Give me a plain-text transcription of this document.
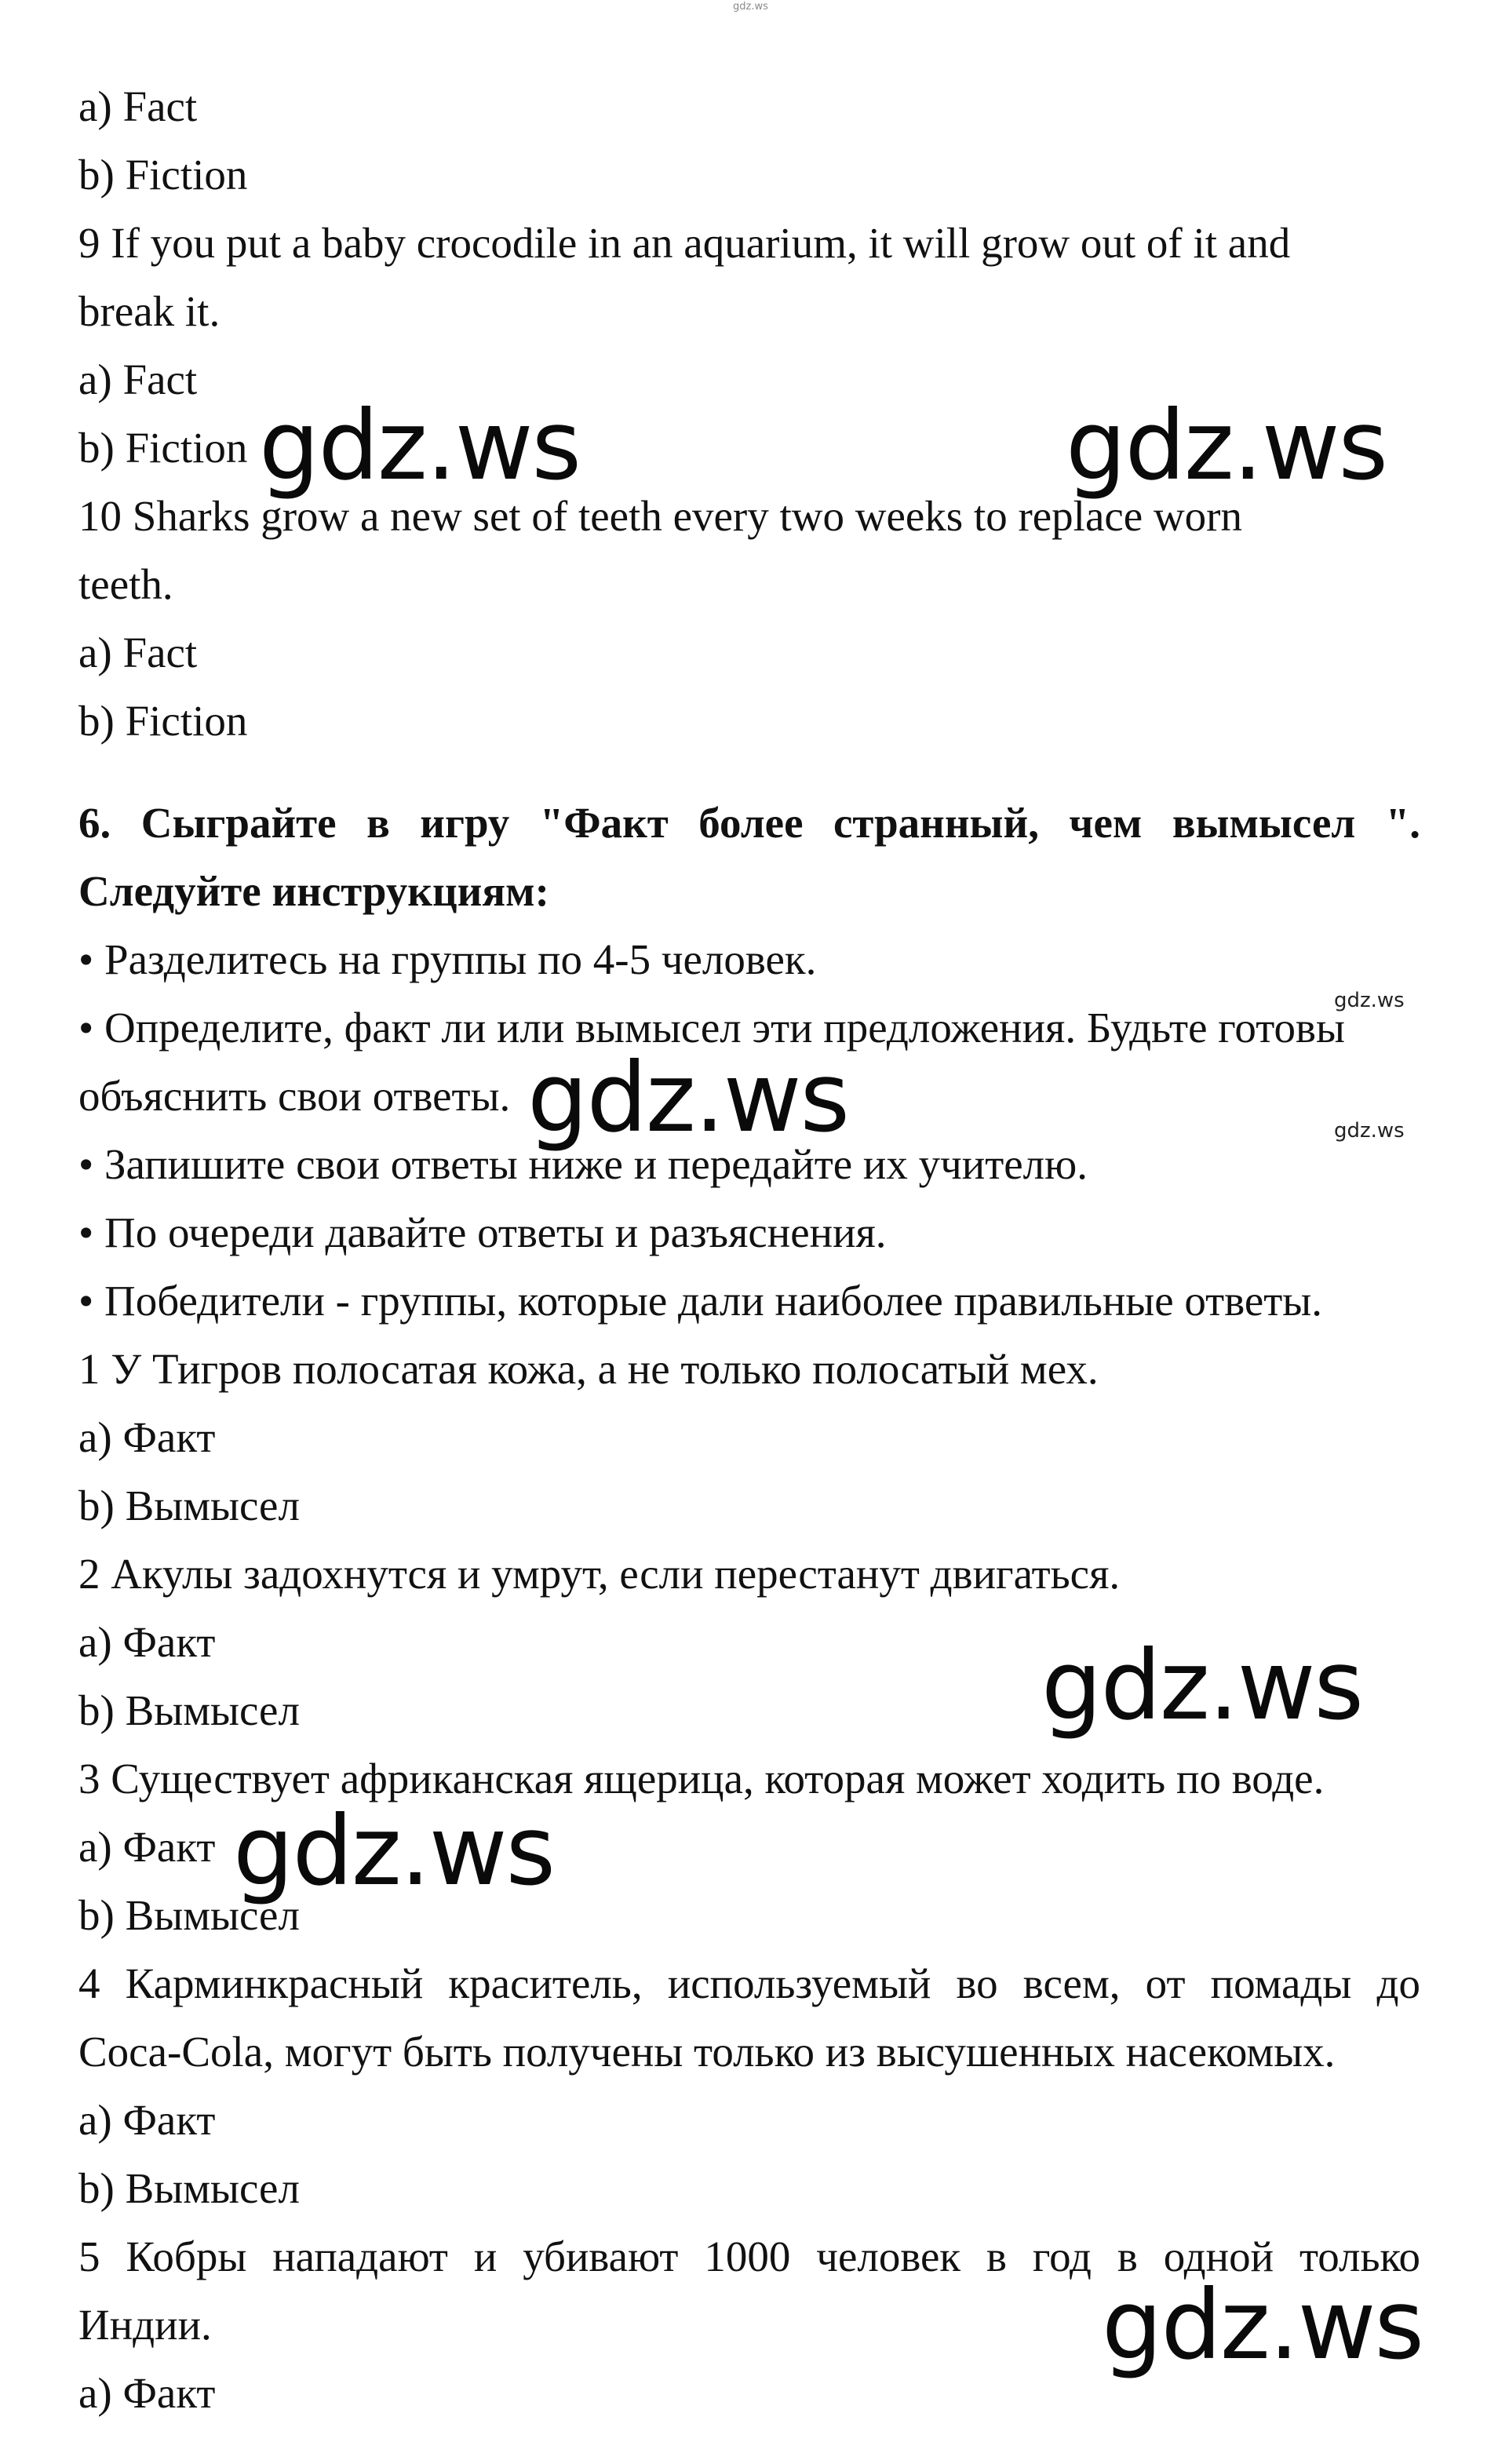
gdz.ws

a) Fact

b) Fiction

9 If you put a baby crocodile in an aquarium, it will grow out of it and

break it.

a) Fact

b) Fiction

10 Sharks grow a new set of teeth every two weeks to replace worn

teeth.

a) Fact

b) Fiction

6. Сыграйте в игру "Факт более странный, чем вымысел ".

Следуйте инструкциям:

• Разделитесь на группы по 4-5 человек.

• Определите, факт ли или вымысел эти предложения. Будьте готовы

объяснить свои ответы.

• Запишите свои ответы ниже и передайте их учителю.

• По очереди давайте ответы и разъяснения.

• Победители - группы, которые дали наиболее правильные ответы.

1 У Тигров полосатая кожа, а не только полосатый мех.

a) Факт

b) Вымысел

2 Акулы задохнутся и умрут, если перестанут двигаться.

a) Факт

b) Вымысел

3 Существует африканская ящерица, которая может ходить по воде.

a) Факт

b) Вымысел

4 Карминкрасный краситель, используемый во всем, от помады до

Coca-Cola, могут быть получены только из высушенных насекомых.

a) Факт

b) Вымысел

5 Кобры нападают и убивают 1000 человек в год в одной только

Индии.

a) Факт

gdz.ws	gdz.ws
gdz.ws
gdz.ws
gdz.ws
gdz.ws
gdz.ws
gdz.ws
